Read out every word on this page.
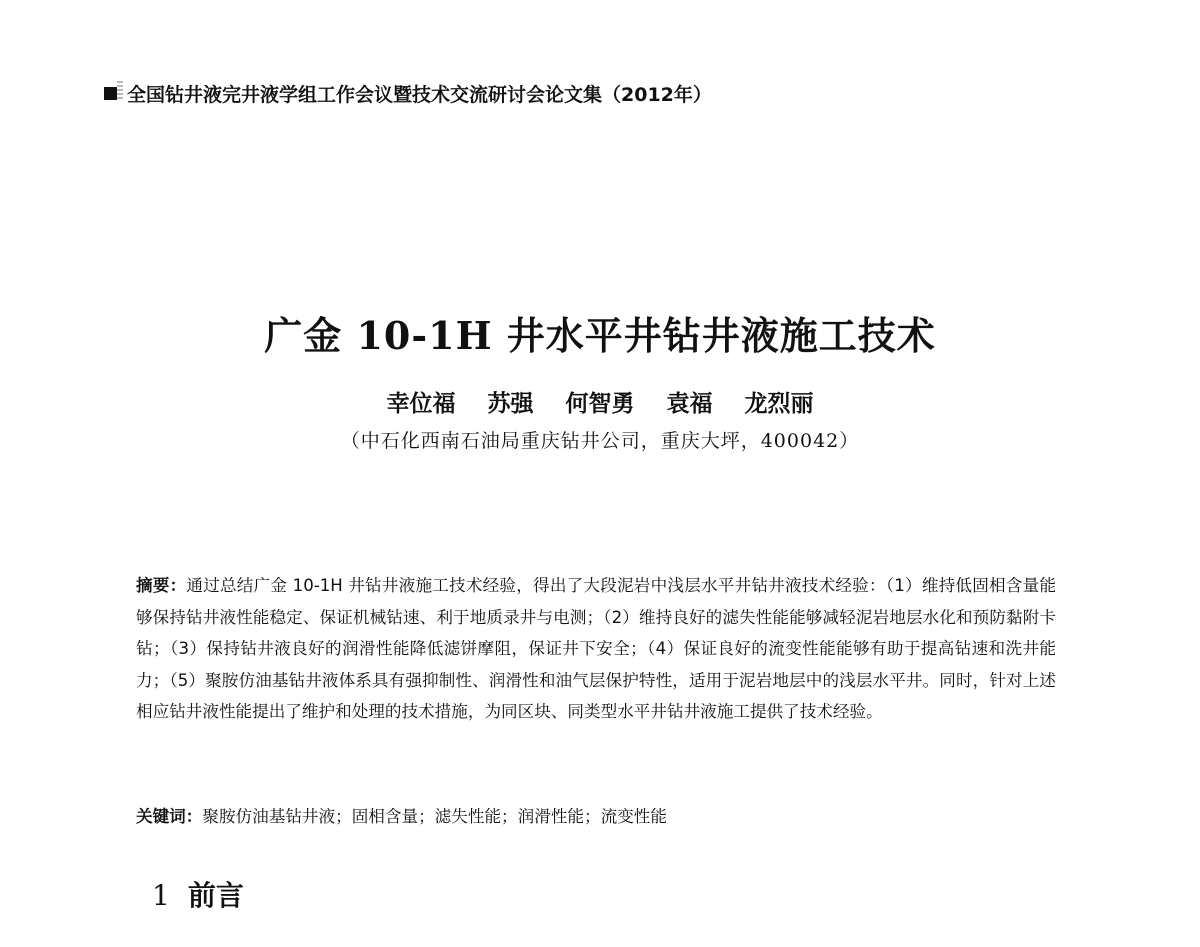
全国钻井液完井液学组工作会议暨技术交流研讨会论文集（2012年）
广金 10-1H 井水平井钻井液施工技术
幸位福 苏强 何智勇 袁福 龙烈丽
（中石化西南石油局重庆钻井公司，重庆大坪，400042）
摘要：通过总结广金 10-1H 井钻井液施工技术经验，得出了大段泥岩中浅层水平井钻井液技术经验：（1）维持低固相含量能够保持钻井液性能稳定、保证机械钻速、利于地质录井与电测；（2）维持良好的滤失性能能够减轻泥岩地层水化和预防黏附卡钻；（3）保持钻井液良好的润滑性能降低滤饼摩阻，保证井下安全；（4）保证良好的流变性能能够有助于提高钻速和洗井能力；（5）聚胺仿油基钻井液体系具有强抑制性、润滑性和油气层保护特性，适用于泥岩地层中的浅层水平井。同时，针对上述相应钻井液性能提出了维护和处理的技术措施，为同区块、同类型水平井钻井液施工提供了技术经验。
关键词：聚胺仿油基钻井液；固相含量；滤失性能；润滑性能；流变性能
1 前言
